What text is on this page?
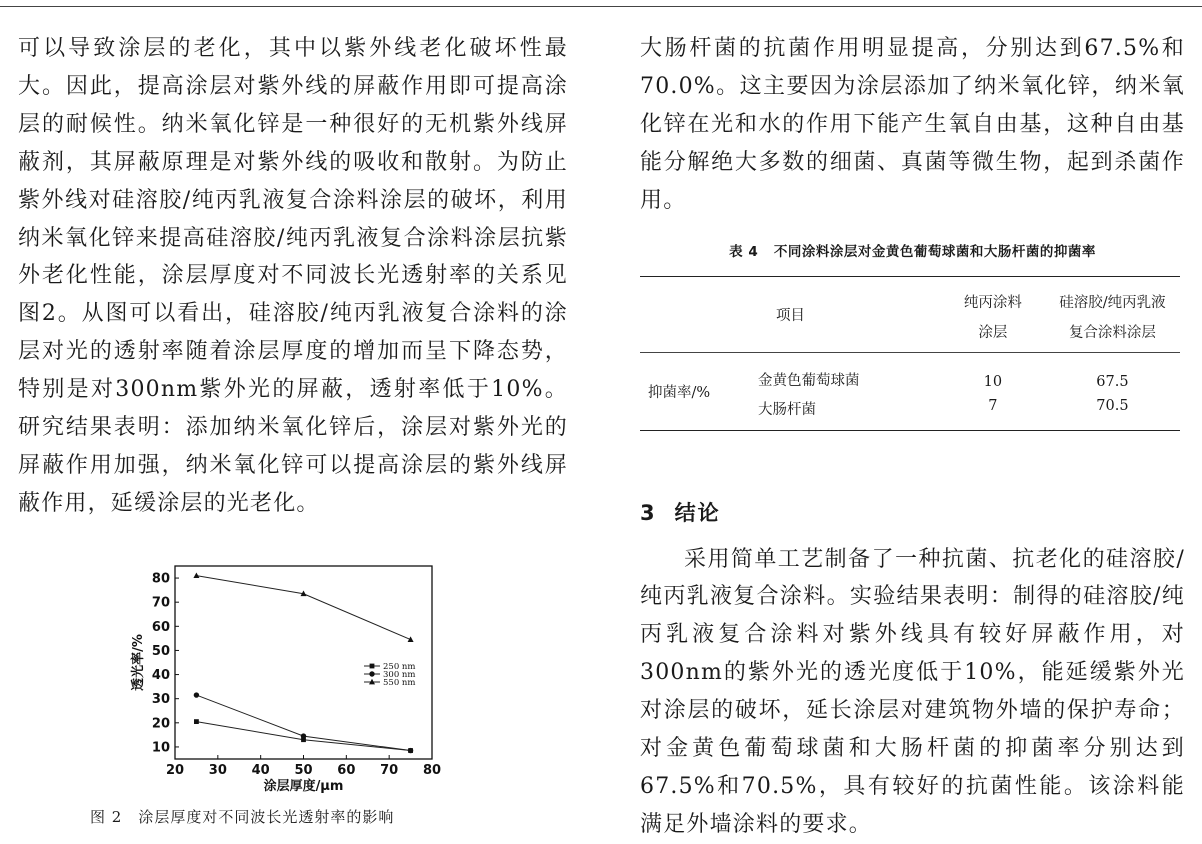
可以导致涂层的老化，其中以紫外线老化破坏性最大。因此，提高涂层对紫外线的屏蔽作用即可提高涂层的耐候性。纳米氧化锌是一种很好的无机紫外线屏蔽剂，其屏蔽原理是对紫外线的吸收和散射。为防止紫外线对硅溶胶/纯丙乳液复合涂料涂层的破坏，利用纳米氧化锌来提高硅溶胶/纯丙乳液复合涂料涂层抗紫外老化性能，涂层厚度对不同波长光透射率的关系见图2。从图可以看出，硅溶胶/纯丙乳液复合涂料的涂层对光的透射率随着涂层厚度的增加而呈下降态势，特别是对300nm紫外光的屏蔽，透射率低于10%。研究结果表明：添加纳米氧化锌后，涂层对紫外光的屏蔽作用加强，纳米氧化锌可以提高涂层的紫外线屏蔽作用，延缓涂层的光老化。

20 30 40 50 60 70 80
10
20
30
40
50
60
70
80
涂层厚度/μm
透光率/%	250 nm
300 nm
550 nm
图 2 涂层厚度对不同波长光透射率的影响

大肠杆菌的抗菌作用明显提高，分别达到67.5%和70.0%。这主要因为涂层添加了纳米氧化锌，纳米氧化锌在光和水的作用下能产生氧自由基，这种自由基能分解绝大多数的细菌、真菌等微生物，起到杀菌作用。

表 4 不同涂料涂层对金黄色葡萄球菌和大肠杆菌的抑菌率
项目		纯丙涂料	硅溶胶/纯丙乳液
		涂层	复合涂料涂层
抑菌率/%	金黄色葡萄球菌	10	67.5
	大肠杆菌	7	70.5
3 结论

采用简单工艺制备了一种抗菌、抗老化的硅溶胶/纯丙乳液复合涂料。实验结果表明：制得的硅溶胶/纯丙乳液复合涂料对紫外线具有较好屏蔽作用，对300nm的紫外光的透光度低于10%，能延缓紫外光对涂层的破坏，延长涂层对建筑物外墙的保护寿命；对金黄色葡萄球菌和大肠杆菌的抑菌率分别达到67.5%和70.5%，具有较好的抗菌性能。该涂料能满足外墙涂料的要求。
